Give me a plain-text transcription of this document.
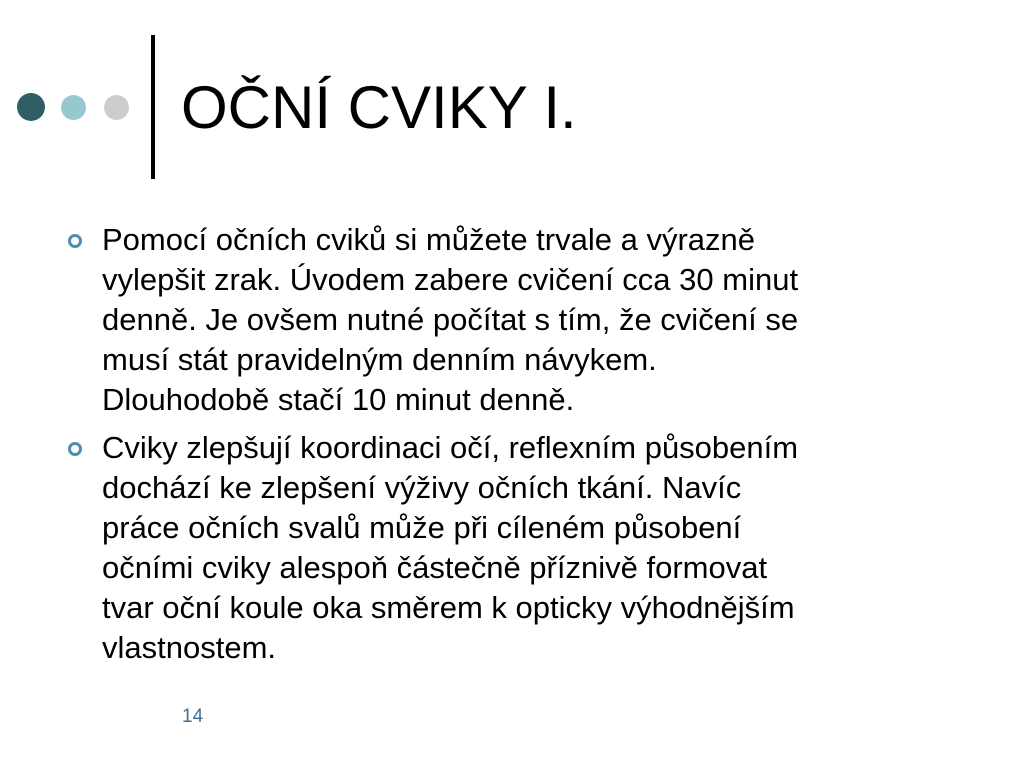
OČNÍ CVIKY I.
Pomocí očních cviků si můžete trvale a výrazně
vylepšit zrak. Úvodem zabere cvičení cca 30 minut
denně. Je ovšem nutné počítat s tím, že cvičení se
musí stát pravidelným denním návykem.
Dlouhodobě stačí 10 minut denně.
Cviky zlepšují koordinaci očí, reflexním působením
dochází ke zlepšení výživy očních tkání. Navíc
práce očních svalů může při cíleném působení
očními cviky alespoň částečně příznivě formovat
tvar oční koule oka směrem k opticky výhodnějším
vlastnostem.
14
